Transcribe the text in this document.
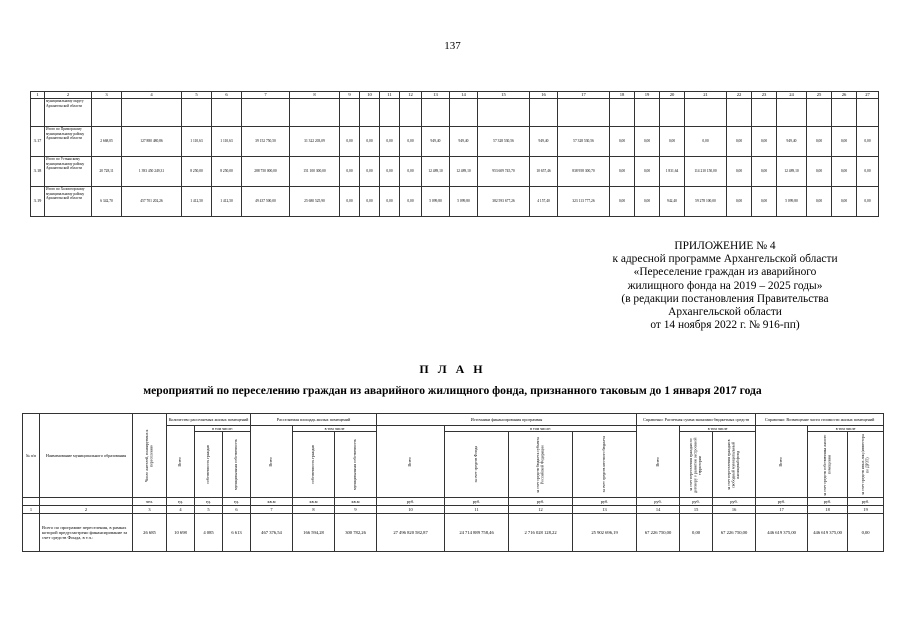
137
1	2	3	4	5	6	7	8	9	10	11	12	13	14	15	16	17	18	19	20	21	22	23	24	25	26	27
	муниципальному округу Архангельской области																									
3.17	Итого по Приморскому муниципальному району Архангельской области	2 668,05	127 880 480,86	1 110,63	1 110,63	39 152 750,50	31 322 203,09	0,00	0,00	0,00	0,00	949,40	949,40	57 328 530,56	949,40	57 328 530,56	0,00	0,00	0,00	0,00	0,00	0,00	949,40	0,00	0,00	0,00
3.18	Итого по Устьянскому муниципальному району Архангельской области	20 728,11	1 393 450 249,31	8 250,00	8 250,00	288 750 000,00	151 100 300,00	0,00	0,00	0,00	0,00	12 489,10	12 489,10	953 609 745,70	10 657,46	838 958 300,70	0,00	0,00	1 831,64	114 210 150,00	0,00	0,00	12 489,10	0,00	0,00	0,00
3.19	Итого по Холмогорскому муниципальному району Архангельской области	6 342,70	457 701 202,26	1 412,50	1 412,50	49 437 500,00	25 680 525,90	0,00	0,00	0,00	0,00	5 099,80	5 099,80	382 593 677,26	4 157,40	323 113 777,26	0,00	0,00	942,40	59 278 100,00	0,00	0,00	5 099,80	0,00	0,00	0,00
ПРИЛОЖЕНИЕ № 4
к адресной программе Архангельской области
«Переселение граждан из аварийного
жилищного фонда на 2019 – 2025 годы»
(в редакции постановления Правительства
Архангельской области
от 14 ноября 2022 г. № 916-пп)
П Л А Н
мероприятий по переселению граждан из аварийного жилищного фонда, признанного таковым до 1 января 2017 года
№ п/п	Наименование муниципального образования	Число жителей, планируемых к переселению	Количество расселяемых жилых помещений			Расселяемая площадь жилых помещений			Источники финансирования программы				Справочно: Расчетная сумма экономии бюджетных средств			Справочно: Возмещение части стоимости жилых помещений		

			Всего	в том числе:		Всего	в том числе		Всего	в том числе:			Всего	в том числе		Всего	в том числе	

				собственность граждан	муниципальная собственность		собственность граждан	муниципальная собственность		за счет средств Фонда	за счет средств бюджета субъекта Российской Федерации	за счет средств местного бюджета		за счет переселения граждан по договору о развитии застроенной территории	за счет переселения граждан в свободный муниципальный жилищный фонд		за счет средств собственника жилого помещения	за счет средств иных лиц (инвестора по ДРЗТ)

		чел.	ед.	ед.	ед.	кв.м	кв.м	кв.м	руб.	руб.	руб.	руб.	руб.	руб.	руб.	руб.	руб.	руб.
1	2	3	4	5	6	7	8	9	10	11	12	13	14	15	16	17	18	19
	Всего по программе переселения, в рамках которой предусмотрено финансирование за счет средств Фонда, в т.ч.:	26 685	10 698	4 085	6 613	467 376,54	166 594,28	300 782,26	27 496 820 582,87	24 714 889 758,46	2 716 028 128,22	25 902 696,19	67 226 750,00	0,00	67 226 750,00	446 619 375,00	446 619 375,00	0,00
